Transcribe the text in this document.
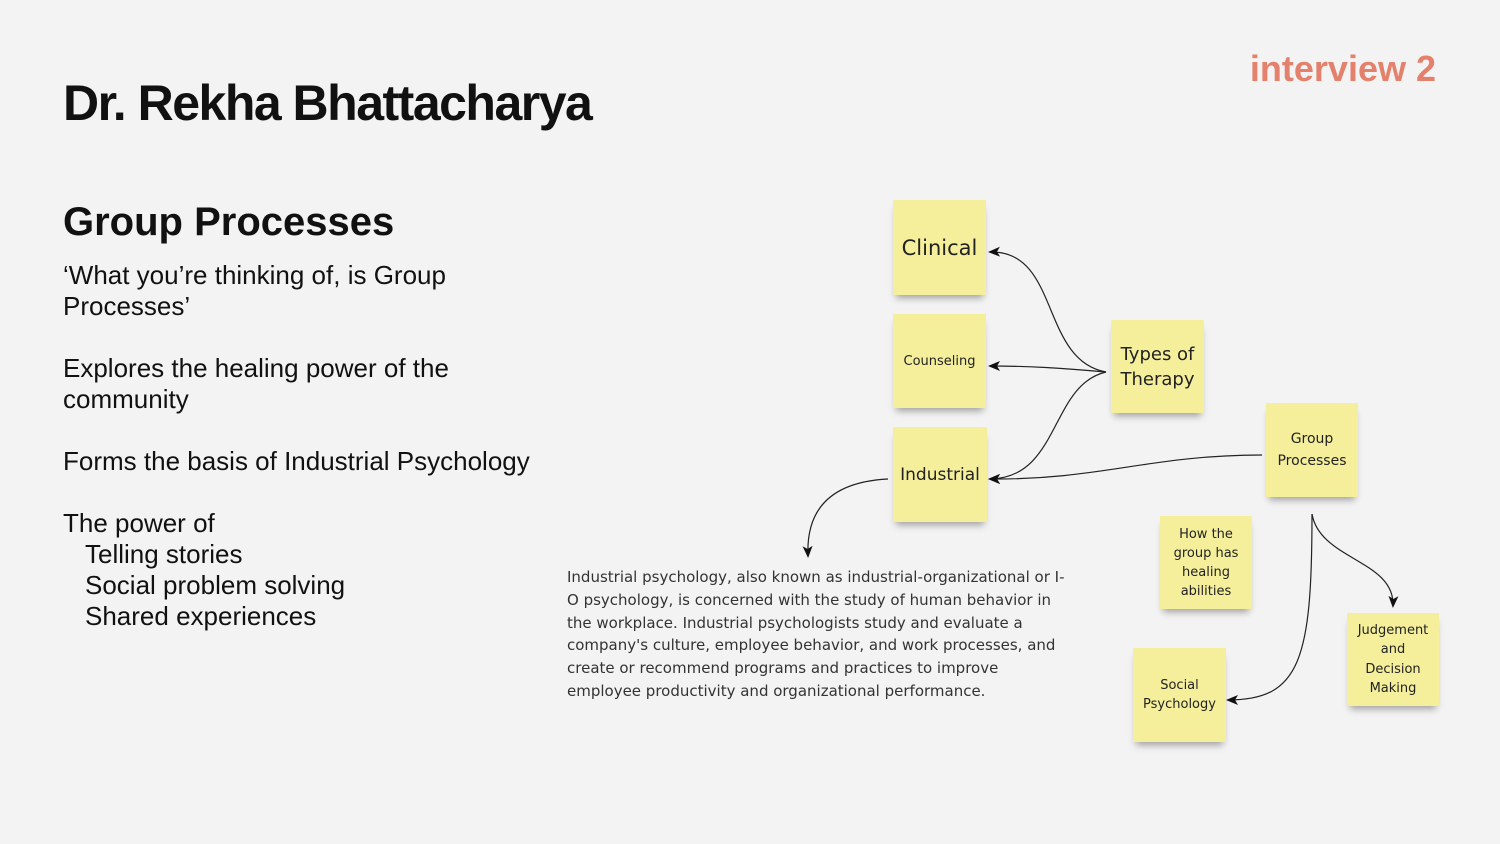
Dr. Rekha Bhattacharya
interview 2
Group Processes

‘What you’re thinking of, is Group Processes’

Explores the healing power of the community

Forms the basis of Industrial Psychology

The power of
Telling stories
Social problem solving
Shared experiences
Clinical
Counseling
Industrial
Types of Therapy
Group Processes
How the group has healing abilities
Social Psychology
Judgement and Decision Making

Industrial psychology, also known as industrial-organizational or I-O psychology, is concerned with the study of human behavior in the workplace. Industrial psychologists study and evaluate a company's culture, employee behavior, and work processes, and create or recommend programs and practices to improve employee productivity and organizational performance.
